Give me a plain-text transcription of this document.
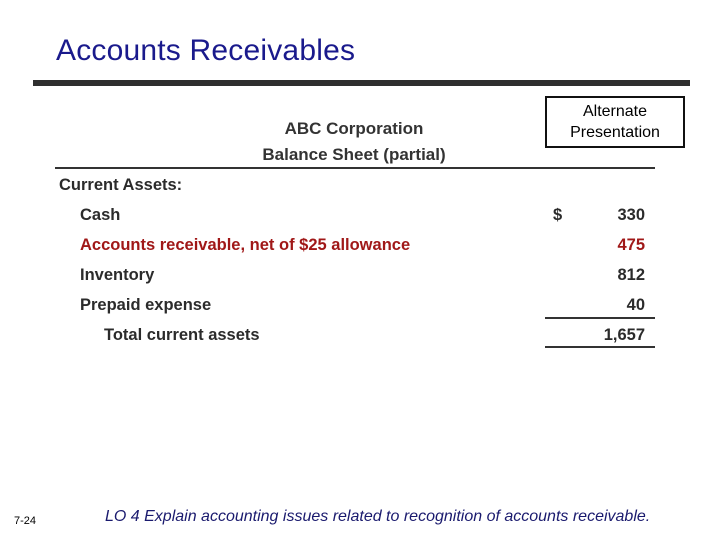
Accounts Receivables
Alternate
Presentation
ABC Corporation
Balance Sheet (partial)
Current Assets:
Cash	$	330
Accounts receivable, net of $25 allowance	475
Inventory	812
Prepaid expense	40
Total current assets	1,657
7-24	LO 4 Explain accounting issues related to recognition of accounts receivable.
